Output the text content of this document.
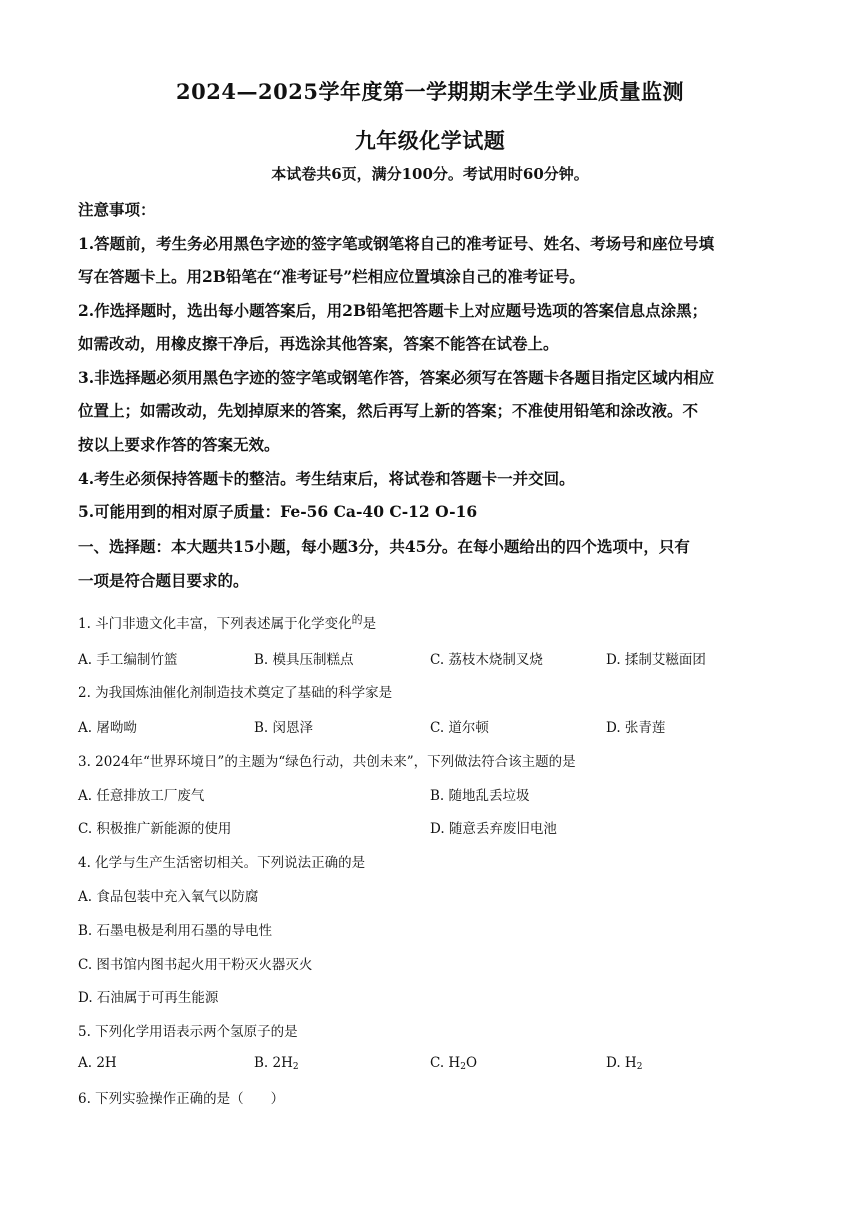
2024—2025学年度第一学期期末学生学业质量监测
九年级化学试题
本试卷共6页，满分100分。考试用时60分钟。
注意事项：
1.答题前，考生务必用黑色字迹的签字笔或钢笔将自己的准考证号、姓名、考场号和座位号填
写在答题卡上。用2B铅笔在“准考证号”栏相应位置填涂自己的准考证号。
2.作选择题时，选出每小题答案后，用2B铅笔把答题卡上对应题号选项的答案信息点涂黑；
如需改动，用橡皮擦干净后，再选涂其他答案，答案不能答在试卷上。
3.非选择题必须用黑色字迹的签字笔或钢笔作答，答案必须写在答题卡各题目指定区域内相应
位置上；如需改动，先划掉原来的答案，然后再写上新的答案；不准使用铅笔和涂改液。不
按以上要求作答的答案无效。
4.考生必须保持答题卡的整洁。考生结束后，将试卷和答题卡一并交回。
5.可能用到的相对原子质量：Fe-56 Ca-40 C-12 O-16
一、选择题：本大题共15小题，每小题3分，共45分。在每小题给出的四个选项中，只有
一项是符合题目要求的。
1. 斗门非遗文化丰富，下列表述属于化学变化$^的$是
A. 手工编制竹篮	B. 模具压制糕点	C. 荔枝木烧制叉烧	D. 揉制艾糍面团
2. 为我国炼油催化剂制造技术奠定了基础的科学家是
A. 屠呦呦	B. 闵恩泽	C. 道尔顿	D. 张青莲
3. 2024年“世界环境日”的主题为“绿色行动，共创未来”，下列做法符合该主题的是
A. 任意排放工厂废气	B. 随地乱丢垃圾
C. 积极推广新能源的使用	D. 随意丢弃废旧电池
4. 化学与生产生活密切相关。下列说法正确的是
A. 食品包装中充入氧气以防腐
B. 石墨电极是利用石墨的导电性
C. 图书馆内图书起火用干粉灭火器灭火
D. 石油属于可再生能源
5. 下列化学用语表示两个氢原子的是
A. 2H	B. $2H_2$	C. $H_2O$	D. $H_2$
6. 下列实验操作正确的是（　　）
